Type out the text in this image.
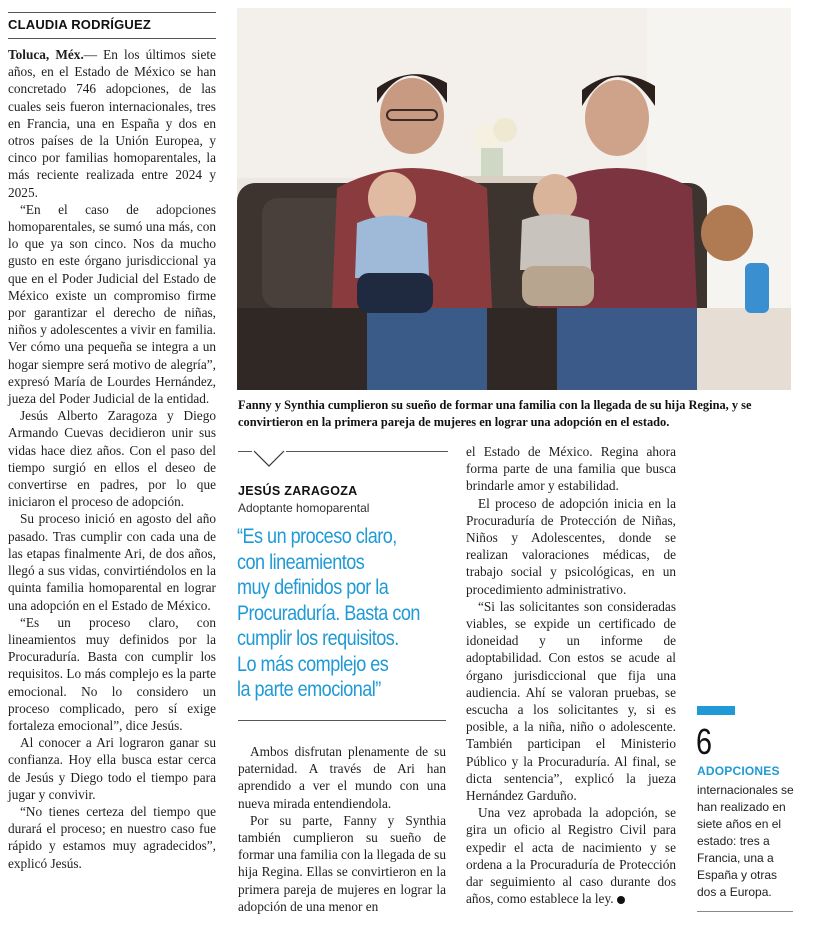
CLAUDIA RODRÍGUEZ

Toluca, Méx.— En los últimos siete años, en el Estado de México se han concretado 746 adopciones, de las cuales seis fueron internacionales, tres en Francia, una en España y dos en otros países de la Unión Europea, y cinco por familias homoparentales, la más reciente realizada entre 2024 y 2025.

“En el caso de adopciones homoparentales, se sumó una más, con lo que ya son cinco. Nos da mucho gusto en este órgano jurisdiccional ya que en el Poder Judicial del Estado de México existe un compromiso firme por garantizar el derecho de niñas, niños y adolescentes a vivir en familia. Ver cómo una pequeña se integra a un hogar siempre será motivo de alegría”, expresó María de Lourdes Hernández, jueza del Poder Judicial de la entidad.

Jesús Alberto Zaragoza y Diego Armando Cuevas decidieron unir sus vidas hace diez años. Con el paso del tiempo surgió en ellos el deseo de convertirse en padres, por lo que iniciaron el proceso de adopción.

Su proceso inició en agosto del año pasado. Tras cumplir con cada una de las etapas finalmente Ari, de dos años, llegó a sus vidas, convirtiéndolos en la quinta familia homoparental en lograr una adopción en el Estado de México.

“Es un proceso claro, con lineamientos muy definidos por la Procuraduría. Basta con cumplir los requisitos. Lo más complejo es la parte emocional. No lo considero un proceso complicado, pero sí exige fortaleza emocional”, dice Jesús.

Al conocer a Ari lograron ganar su confianza. Hoy ella busca estar cerca de Jesús y Diego todo el tiempo para jugar y convivir.

“No tienes certeza del tiempo que durará el proceso; en nuestro caso fue rápido y estamos muy agradecidos”, explicó Jesús.

Fanny y Synthia cumplieron su sueño de formar una familia con la llegada de su hija Regina, y se convirtieron en la primera pareja de mujeres en lograr una adopción en el estado.
JESÚS ZARAGOZA
Adoptante homoparental
“Es un proceso claro,
con lineamientos
muy definidos por la
Procuraduría. Basta con
cumplir los requisitos.
Lo más complejo es
la parte emocional”

Ambos disfrutan plenamente de su paternidad. A través de Ari han aprendido a ver el mundo con una nueva mirada entendiendola.

Por su parte, Fanny y Synthia también cumplieron su sueño de formar una familia con la llegada de su hija Regina. Ellas se convirtieron en la primera pareja de mujeres en lograr la adopción de una menor en

el Estado de México. Regina ahora forma parte de una familia que busca brindarle amor y estabilidad.

El proceso de adopción inicia en la Procuraduría de Protección de Niñas, Niños y Adolescentes, donde se realizan valoraciones médicas, de trabajo social y psicológicas, en un procedimiento administrativo.

“Si las solicitantes son consideradas viables, se expide un certificado de idoneidad y un informe de adoptabilidad. Con estos se acude al órgano jurisdiccional que fija una audiencia. Ahí se valoran pruebas, se escucha a los solicitantes y, si es posible, a la niña, niño o adolescente. También participan el Ministerio Público y la Procuraduría. Al final, se dicta sentencia”, explicó la jueza Hernández Garduño.

Una vez aprobada la adopción, se gira un oficio al Registro Civil para expedir el acta de nacimiento y se ordena a la Procuraduría de Protección dar seguimiento al caso durante dos años, como establece la ley.

6
ADOPCIONES
internacionales se han realizado en siete años en el estado: tres a Francia, una a España y otras dos a Europa.
